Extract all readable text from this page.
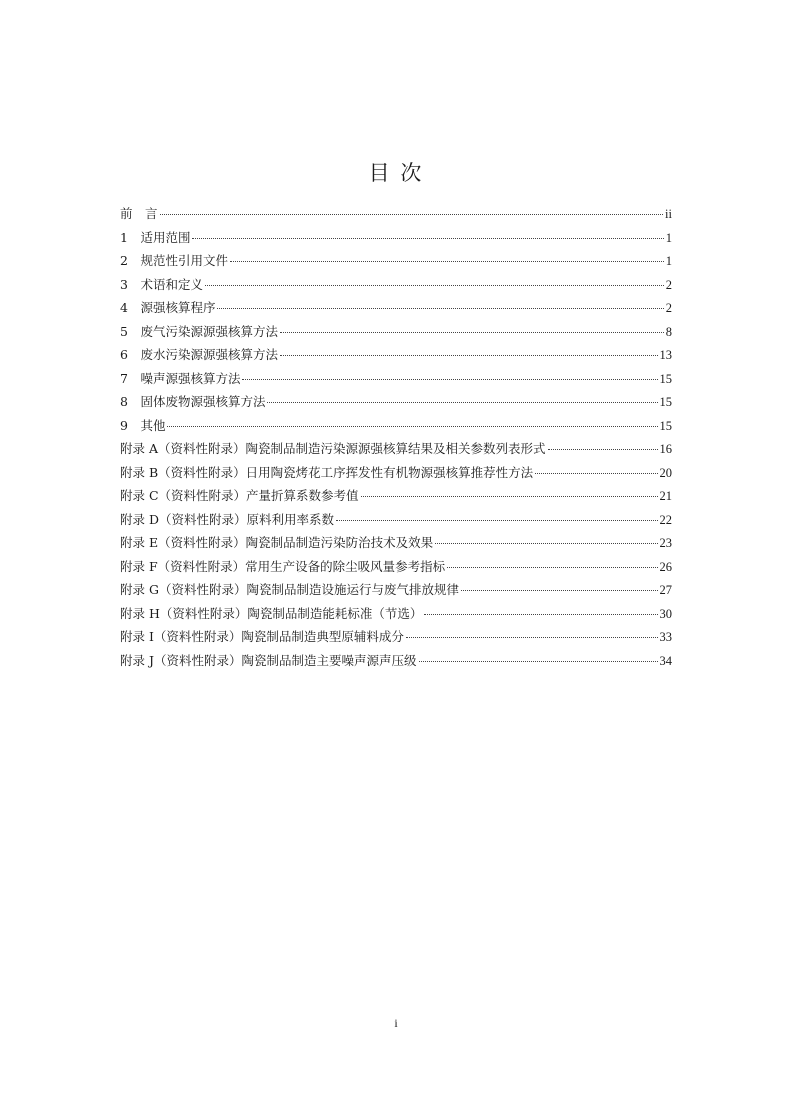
目 次
前　言	ii
1　适用范围	1
2　规范性引用文件	1
3　术语和定义	2
4　源强核算程序	2
5　废气污染源源强核算方法	8
6　废水污染源源强核算方法	13
7　噪声源强核算方法	15
8　固体废物源强核算方法	15
9　其他	15
附录 A（资料性附录）陶瓷制品制造污染源源强核算结果及相关参数列表形式	16
附录 B（资料性附录）日用陶瓷烤花工序挥发性有机物源强核算推荐性方法	20
附录 C（资料性附录）产量折算系数参考值	21
附录 D（资料性附录）原料利用率系数	22
附录 E（资料性附录）陶瓷制品制造污染防治技术及效果	23
附录 F（资料性附录）常用生产设备的除尘吸风量参考指标	26
附录 G（资料性附录）陶瓷制品制造设施运行与废气排放规律	27
附录 H（资料性附录）陶瓷制品制造能耗标准（节选）	30
附录 I（资料性附录）陶瓷制品制造典型原辅料成分	33
附录 J（资料性附录）陶瓷制品制造主要噪声源声压级	34
i
